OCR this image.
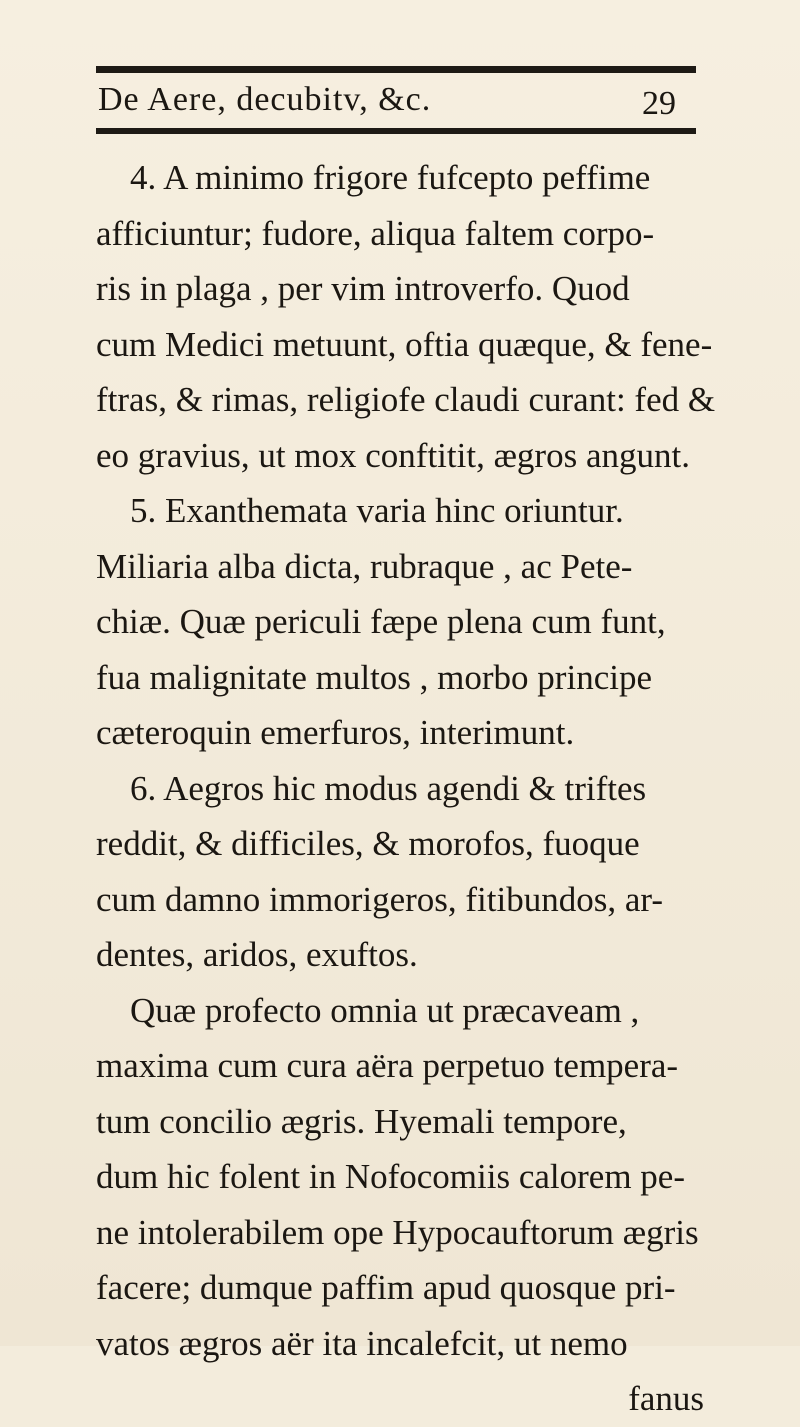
De Aere, decubitv, &c.	29
4. A minimo frigore fufcepto peffime
afficiuntur; fudore, aliqua faltem corpo-
ris in plaga , per vim introverfo. Quod
cum Medici metuunt, oftia quæque, & fene-
ftras, & rimas, religiofe claudi curant: fed &
eo gravius, ut mox conftitit, ægros angunt.
5. Exanthemata varia hinc oriuntur.
Miliaria alba dicta, rubraque , ac Pete-
chiæ. Quæ periculi fæpe plena cum funt,
fua malignitate multos , morbo principe
cæteroquin emerfuros, interimunt.
6. Aegros hic modus agendi & triftes
reddit, & difficiles, & morofos, fuoque
cum damno immorigeros, fitibundos, ar-
dentes, aridos, exuftos.
Quæ profecto omnia ut præcaveam ,
maxima cum cura aëra perpetuo tempera-
tum concilio ægris. Hyemali tempore,
dum hic folent in Nofocomiis calorem pe-
ne intolerabilem ope Hypocauftorum ægris
facere; dumque paffim apud quosque pri-
vatos ægros aër ita incalefcit, ut nemo
fanus
